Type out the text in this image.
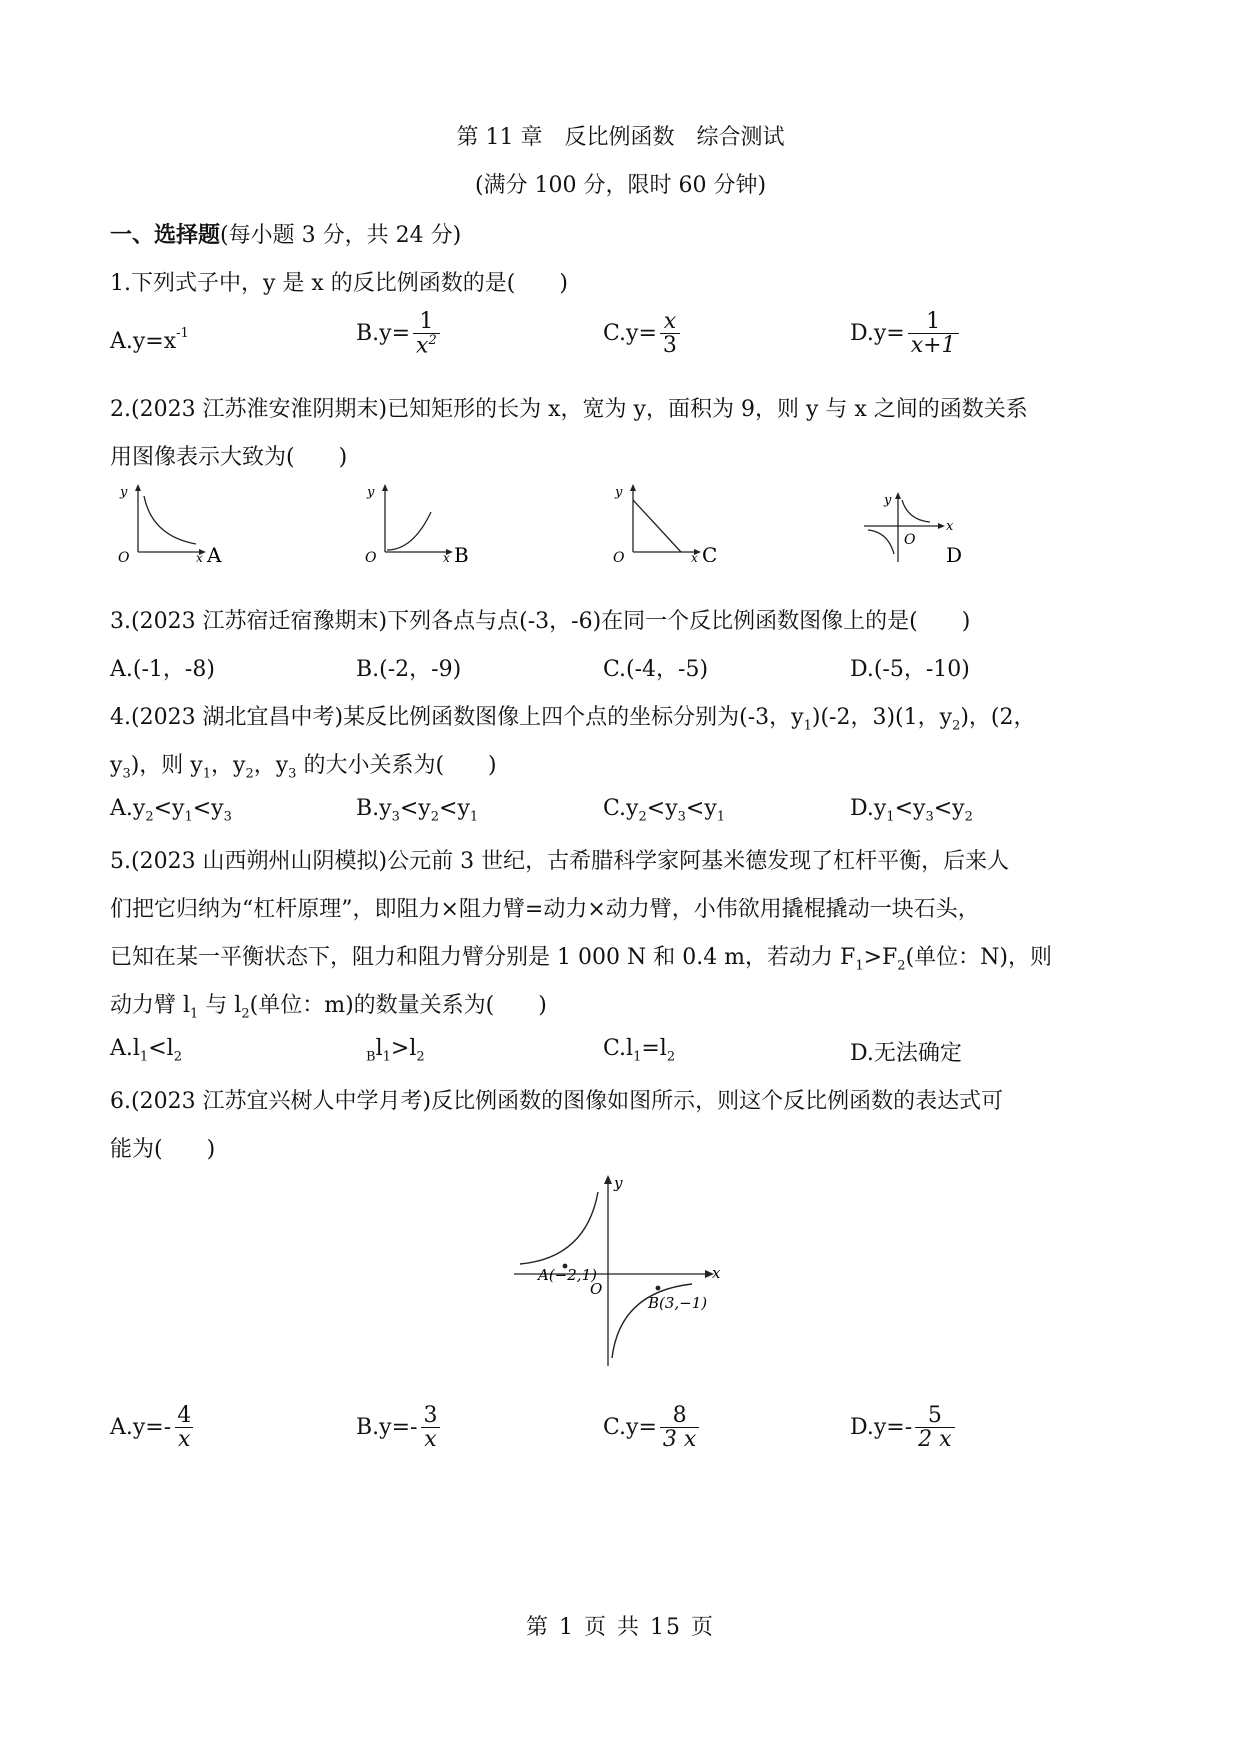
第 11 章　反比例函数　综合测试
(满分 100 分，限时 60 分钟)
一、选择题(每小题 3 分，共 24 分)
1.下列式子中，y 是 x 的反比例函数的是(　　)
$A.y=x^{-1}$	$B.y= \frac{1}{x^2}$	$C.y= \frac{x}{3}$	$D.y= \frac{1}{x+1}$
2.(2023 江苏淮安淮阴期末)已知矩形的长为 x，宽为 y，面积为 9，则 y 与 x 之间的函数关系
用图像表示大致为(　　)
y
O	x A
y
O	x B
y
O	x C
y
O
x
D
3.(2023 江苏宿迁宿豫期末)下列各点与点(-3，-6)在同一个反比例函数图像上的是(　　)
A.(-1，-8)	B.(-2，-9)	C.(-4，-5)	D.(-5，-10)
4.(2023 湖北宜昌中考)某反比例函数图像上四个点的坐标分别为(-3，$y_1)(-2$，3)(1，$y_2$)，(2，
$y_3$)，则 $y_1$，$y_2$，$y_3$ 的大小关系为(　　)
$A.y_2<y_1<y_3$	$B.y_3<y_2<y_1$	$C.y_2<y_3<y_1$	$D.y_1<y_3<y_2$
5.(2023 山西朔州山阴模拟)公元前 3 世纪，古希腊科学家阿基米德发现了杠杆平衡，后来人
们把它归纳为“杠杆原理”，即阻力×阻力臂=动力×动力臂，小伟欲用撬棍撬动一块石头，
已知在某一平衡状态下，阻力和阻力臂分别是 1 000 N 和 0.4 m，若动力 $F_1>F_2$(单位：N)，则
动力臂 $l_1$ 与 $l_2$(单位：m)的数量关系为(　　)
$A.l_1<l_2$	$_Bl_1>l_2$	$C.l_1=l_2$	D.无法确定
6.(2023 江苏宜兴树人中学月考)反比例函数的图像如图所示，则这个反比例函数的表达式可
能为(　　)
y
x
O
A(−2,1)
B(3,−1)
$A.y=- \frac{4}{x}$	$B.y=- \frac{3}{x}$	$C.y= \frac{8}{3 x}$	$D.y=- \frac{5}{2 x}$
第 1 页 共 15 页
